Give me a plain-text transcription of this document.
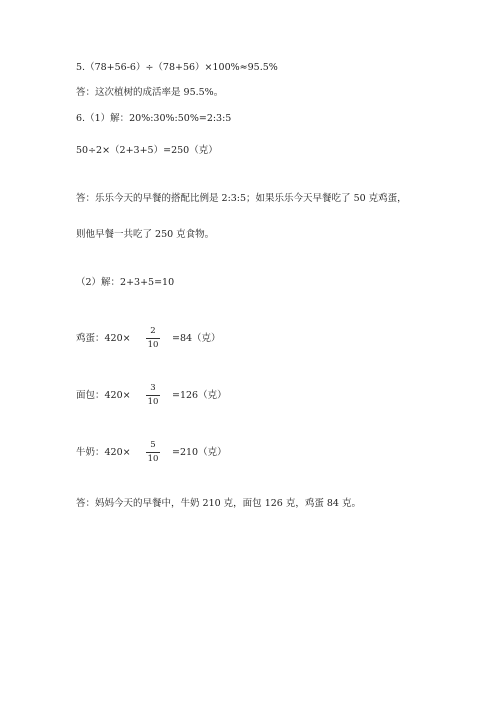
5.（78+56-6）÷（78+56）×100%≈95.5%
答：这次植树的成活率是 95.5%。
6.（1）解：20%:30%:50%=2:3:5
50÷2×（2+3+5）=250（克）
答：乐乐今天的早餐的搭配比例是 2:3:5；如果乐乐今天早餐吃了 50 克鸡蛋，
则他早餐一共吃了 250 克食物。
（2）解：2+3+5=10
鸡蛋：$420\times \frac{2}{10} =84$（克）
面包：$420\times \frac{3}{10} =126$（克）
牛奶：$420\times \frac{5}{10} =210$（克）
答：妈妈今天的早餐中，牛奶 210 克，面包 126 克，鸡蛋 84 克。
